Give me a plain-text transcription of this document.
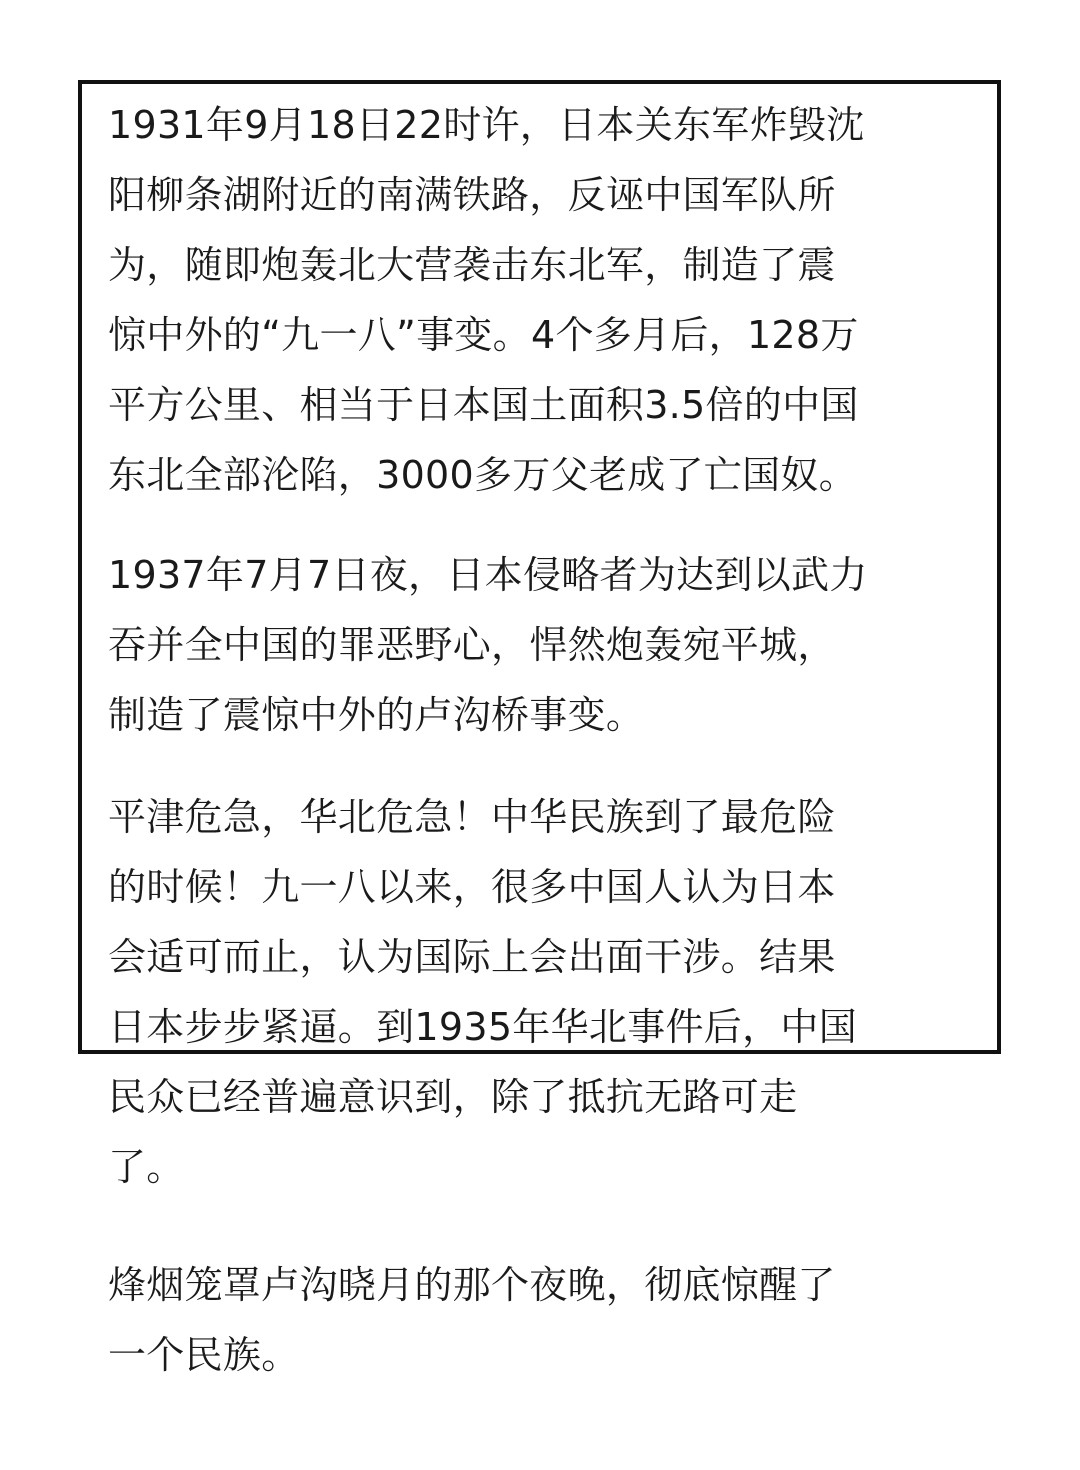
1931年9月18日22时许，日本关东军炸毁沈
阳柳条湖附近的南满铁路，反诬中国军队所
为，随即炮轰北大营袭击东北军，制造了震
惊中外的“九一八”事变。4个多月后，128万
平方公里、相当于日本国土面积3.5倍的中国
东北全部沦陷，3000多万父老成了亡国奴。

1937年7月7日夜，日本侵略者为达到以武力
吞并全中国的罪恶野心，悍然炮轰宛平城，
制造了震惊中外的卢沟桥事变。

平津危急，华北危急！中华民族到了最危险
的时候！九一八以来，很多中国人认为日本
会适可而止，认为国际上会出面干涉。结果
日本步步紧逼。到1935年华北事件后，中国
民众已经普遍意识到，除了抵抗无路可走
了。

烽烟笼罩卢沟晓月的那个夜晚，彻底惊醒了
一个民族。
